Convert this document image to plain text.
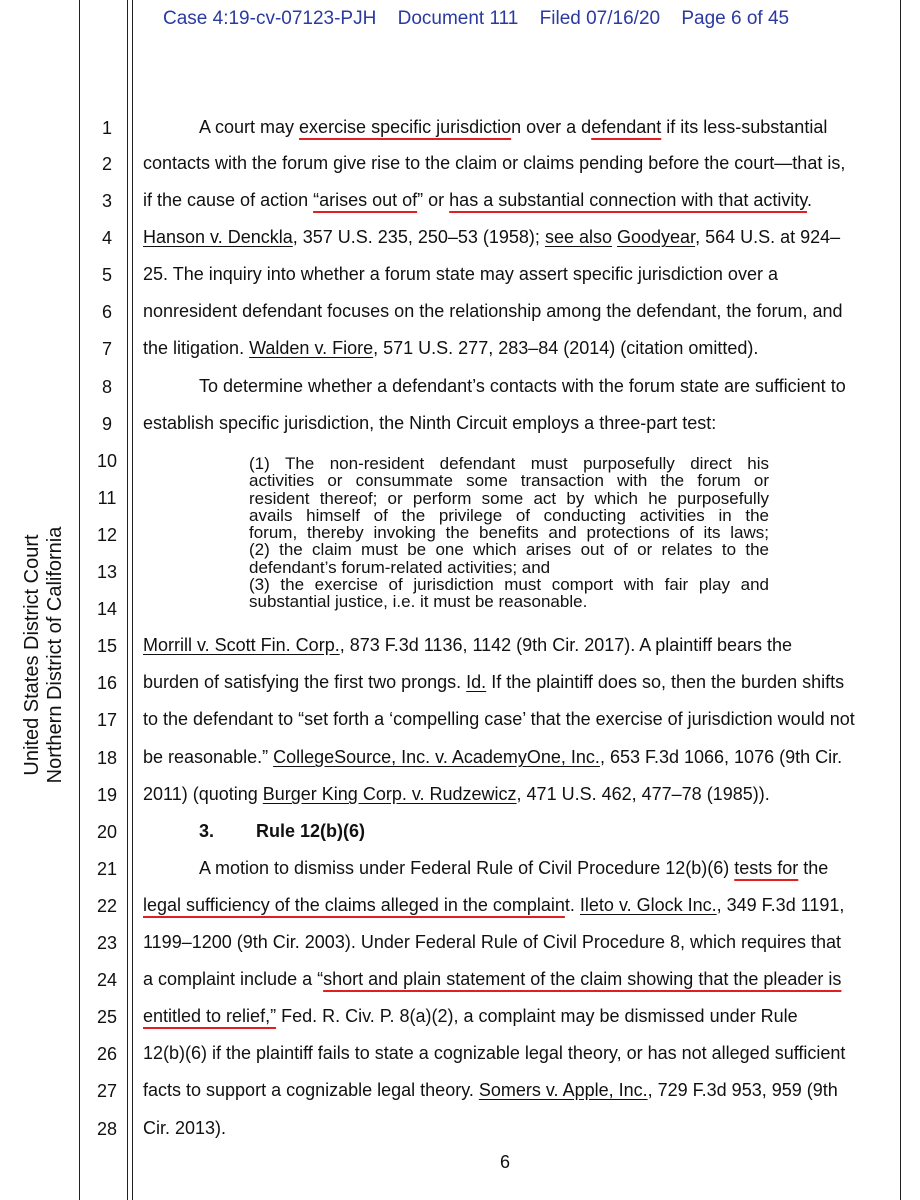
Case 4:19-cv-07123-PJH Document 111 Filed 07/16/20 Page 6 of 45
United States District Court Northern District of California
1
2
3
4
5
6
7
8
9
10
11
12
13
14
15
16
17
18
19
20
21
22
23
24
25
26
27
28
A court may exercise specific jurisdiction over a defendant if its less-substantial
contacts with the forum give rise to the claim or claims pending before the court—that is,
if the cause of action “arises out of” or has a substantial connection with that activity.
Hanson v. Denckla, 357 U.S. 235, 250–53 (1958); see also Goodyear, 564 U.S. at 924–
25. The inquiry into whether a forum state may assert specific jurisdiction over a
nonresident defendant focuses on the relationship among the defendant, the forum, and
the litigation. Walden v. Fiore, 571 U.S. 277, 283–84 (2014) (citation omitted).
To determine whether a defendant’s contacts with the forum state are sufficient to
establish specific jurisdiction, the Ninth Circuit employs a three-part test:
(1) The non-resident defendant must purposefully direct his
activities or consummate some transaction with the forum or
resident thereof; or perform some act by which he purposefully
avails himself of the privilege of conducting activities in the
forum, thereby invoking the benefits and protections of its laws;
(2) the claim must be one which arises out of or relates to the
defendant’s forum-related activities; and
(3) the exercise of jurisdiction must comport with fair play and
substantial justice, i.e. it must be reasonable.
Morrill v. Scott Fin. Corp., 873 F.3d 1136, 1142 (9th Cir. 2017). A plaintiff bears the
burden of satisfying the first two prongs. Id. If the plaintiff does so, then the burden shifts
to the defendant to “set forth a ‘compelling case’ that the exercise of jurisdiction would not
be reasonable.” CollegeSource, Inc. v. AcademyOne, Inc., 653 F.3d 1066, 1076 (9th Cir.
2011) (quoting Burger King Corp. v. Rudzewicz, 471 U.S. 462, 477–78 (1985)).
3. Rule 12(b)(6)
A motion to dismiss under Federal Rule of Civil Procedure 12(b)(6) tests for the
legal sufficiency of the claims alleged in the complaint. Ileto v. Glock Inc., 349 F.3d 1191,
1199–1200 (9th Cir. 2003). Under Federal Rule of Civil Procedure 8, which requires that
a complaint include a “short and plain statement of the claim showing that the pleader is
entitled to relief,” Fed. R. Civ. P. 8(a)(2), a complaint may be dismissed under Rule
12(b)(6) if the plaintiff fails to state a cognizable legal theory, or has not alleged sufficient
facts to support a cognizable legal theory. Somers v. Apple, Inc., 729 F.3d 953, 959 (9th
Cir. 2013).
6
